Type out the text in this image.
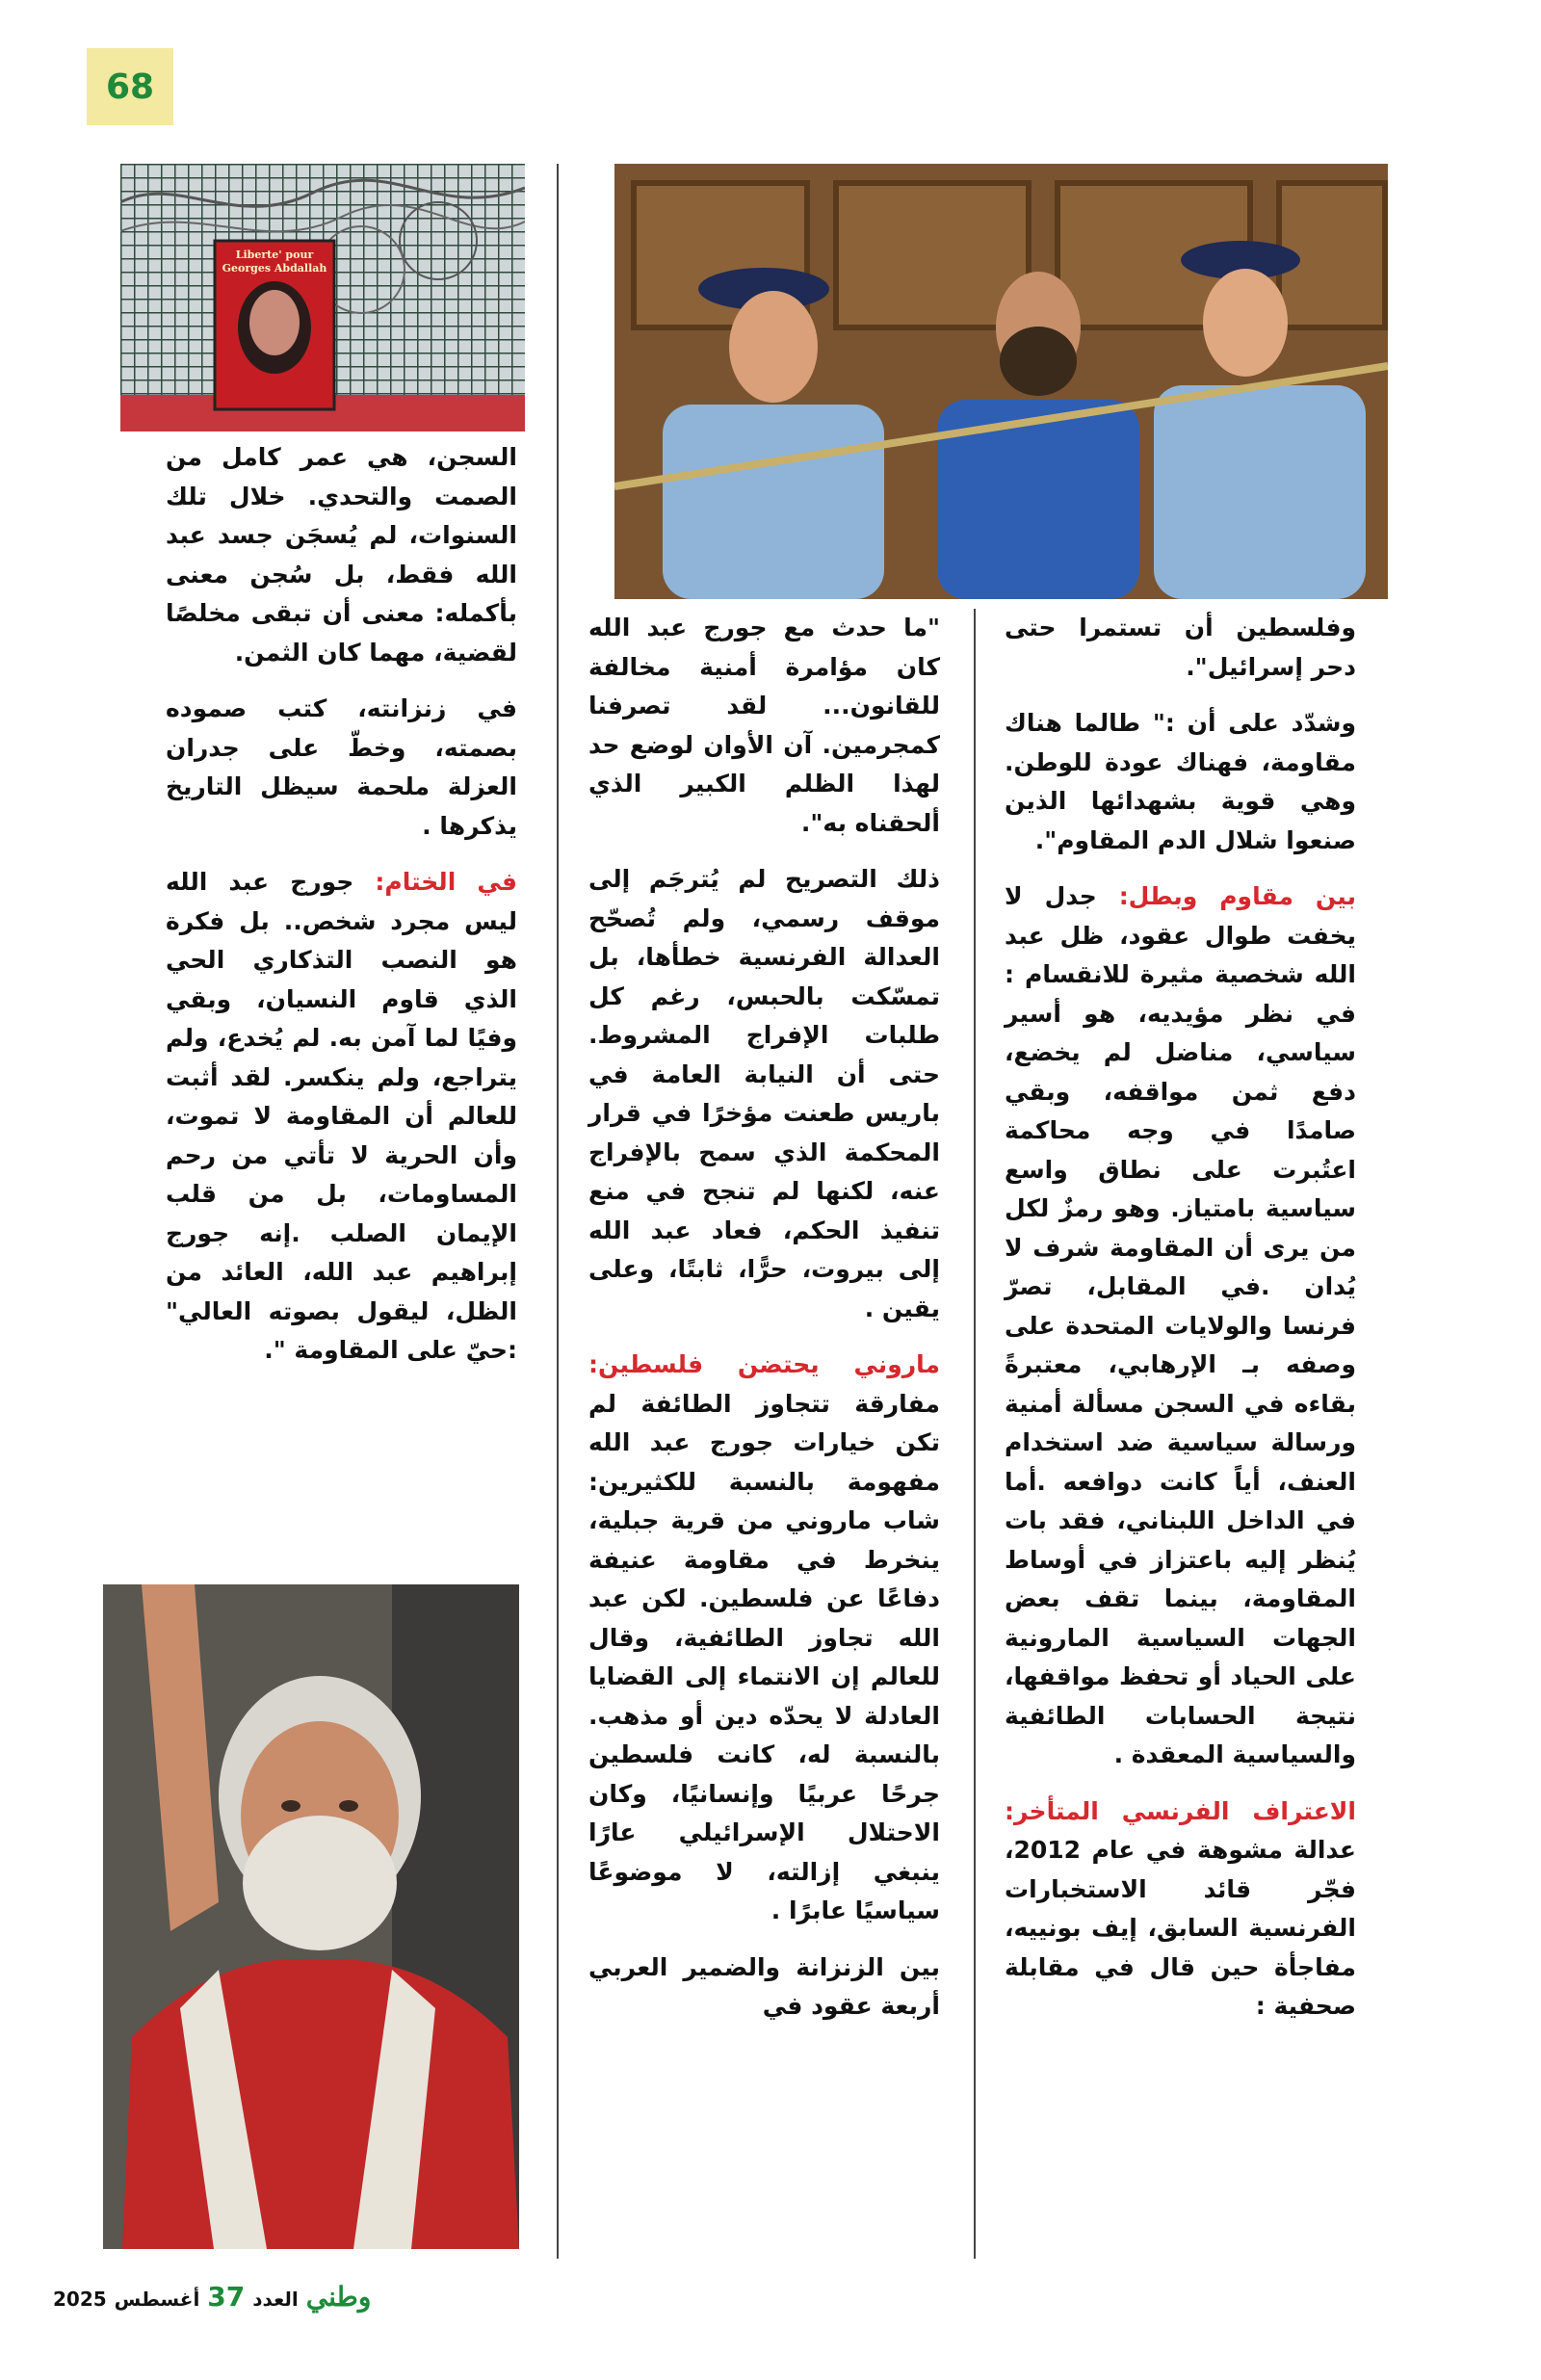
68
Liberte' pour
Georges Abdallah

وفلسطين أن تستمرا حتى دحر إسرائيل".

وشدّد على أن :" طالما هناك مقاومة، فهناك عودة للوطن. وهي قوية بشهدائها الذين صنعوا شلال الدم المقاوم".

بين مقاوم وبطل: جدل لا يخفت طوال عقود، ظل عبد الله شخصية مثيرة للانقسام : في نظر مؤيديه، هو أسير سياسي، مناضل لم يخضع، دفع ثمن مواقفه، وبقي صامدًا في وجه محاكمة اعتُبرت على نطاق واسع سياسية بامتياز. وهو رمزٌ لكل من يرى أن المقاومة شرف لا يُدان .في المقابل، تصرّ فرنسا والولايات المتحدة على وصفه بـ الإرهابي، معتبرةً بقاءه في السجن مسألة أمنية ورسالة سياسية ضد استخدام العنف، أياً كانت دوافعه .أما في الداخل اللبناني، فقد بات يُنظر إليه باعتزاز في أوساط المقاومة، بينما تقف بعض الجهات السياسية المارونية على الحياد أو تحفظ مواقفها، نتيجة الحسابات الطائفية والسياسية المعقدة .

الاعتراف الفرنسي المتأخر: عدالة مشوهة في عام 2012، فجّر قائد الاستخبارات الفرنسية السابق، إيف بونييه، مفاجأة حين قال في مقابلة صحفية :

"ما حدث مع جورج عبد الله كان مؤامرة أمنية مخالفة للقانون... لقد تصرفنا كمجرمين. آن الأوان لوضع حد لهذا الظلم الكبير الذي ألحقناه به".

ذلك التصريح لم يُترجَم إلى موقف رسمي، ولم تُصحّح العدالة الفرنسية خطأها، بل تمسّكت بالحبس، رغم كل طلبات الإفراج المشروط. حتى أن النيابة العامة في باريس طعنت مؤخرًا في قرار المحكمة الذي سمح بالإفراج عنه، لكنها لم تنجح في منع تنفيذ الحكم، فعاد عبد الله إلى بيروت، حرًّا، ثابتًا، وعلى يقين .

ماروني يحتضن فلسطين: مفارقة تتجاوز الطائفة لم تكن خيارات جورج عبد الله مفهومة بالنسبة للكثيرين: شاب ماروني من قرية جبلية، ينخرط في مقاومة عنيفة دفاعًا عن فلسطين. لكن عبد الله تجاوز الطائفية، وقال للعالم إن الانتماء إلى القضايا العادلة لا يحدّه دين أو مذهب. بالنسبة له، كانت فلسطين جرحًا عربيًا وإنسانيًا، وكان الاحتلال الإسرائيلي عارًا ينبغي إزالته، لا موضوعًا سياسيًا عابرًا .

بين الزنزانة والضمير العربي أربعة عقود في

السجن، هي عمر كامل من الصمت والتحدي. خلال تلك السنوات، لم يُسجَن جسد عبد الله فقط، بل سُجن معنى بأكمله: معنى أن تبقى مخلصًا لقضية، مهما كان الثمن.

في زنزانته، كتب صموده بصمته، وخطّ على جدران العزلة ملحمة سيظل التاريخ يذكرها .

في الختام: جورج عبد الله ليس مجرد شخص.. بل فكرة هو النصب التذكاري الحي الذي قاوم النسيان، وبقي وفيًا لما آمن به. لم يُخدع، ولم يتراجع، ولم ينكسر. لقد أثبت للعالم أن المقاومة لا تموت، وأن الحرية لا تأتي من رحم المساومات، بل من قلب الإيمان الصلب .إنه جورج إبراهيم عبد الله، العائد من الظل، ليقول بصوته العالي" :حيّ على المقاومة ".

2025 أغسطس 37 العدد وطني
